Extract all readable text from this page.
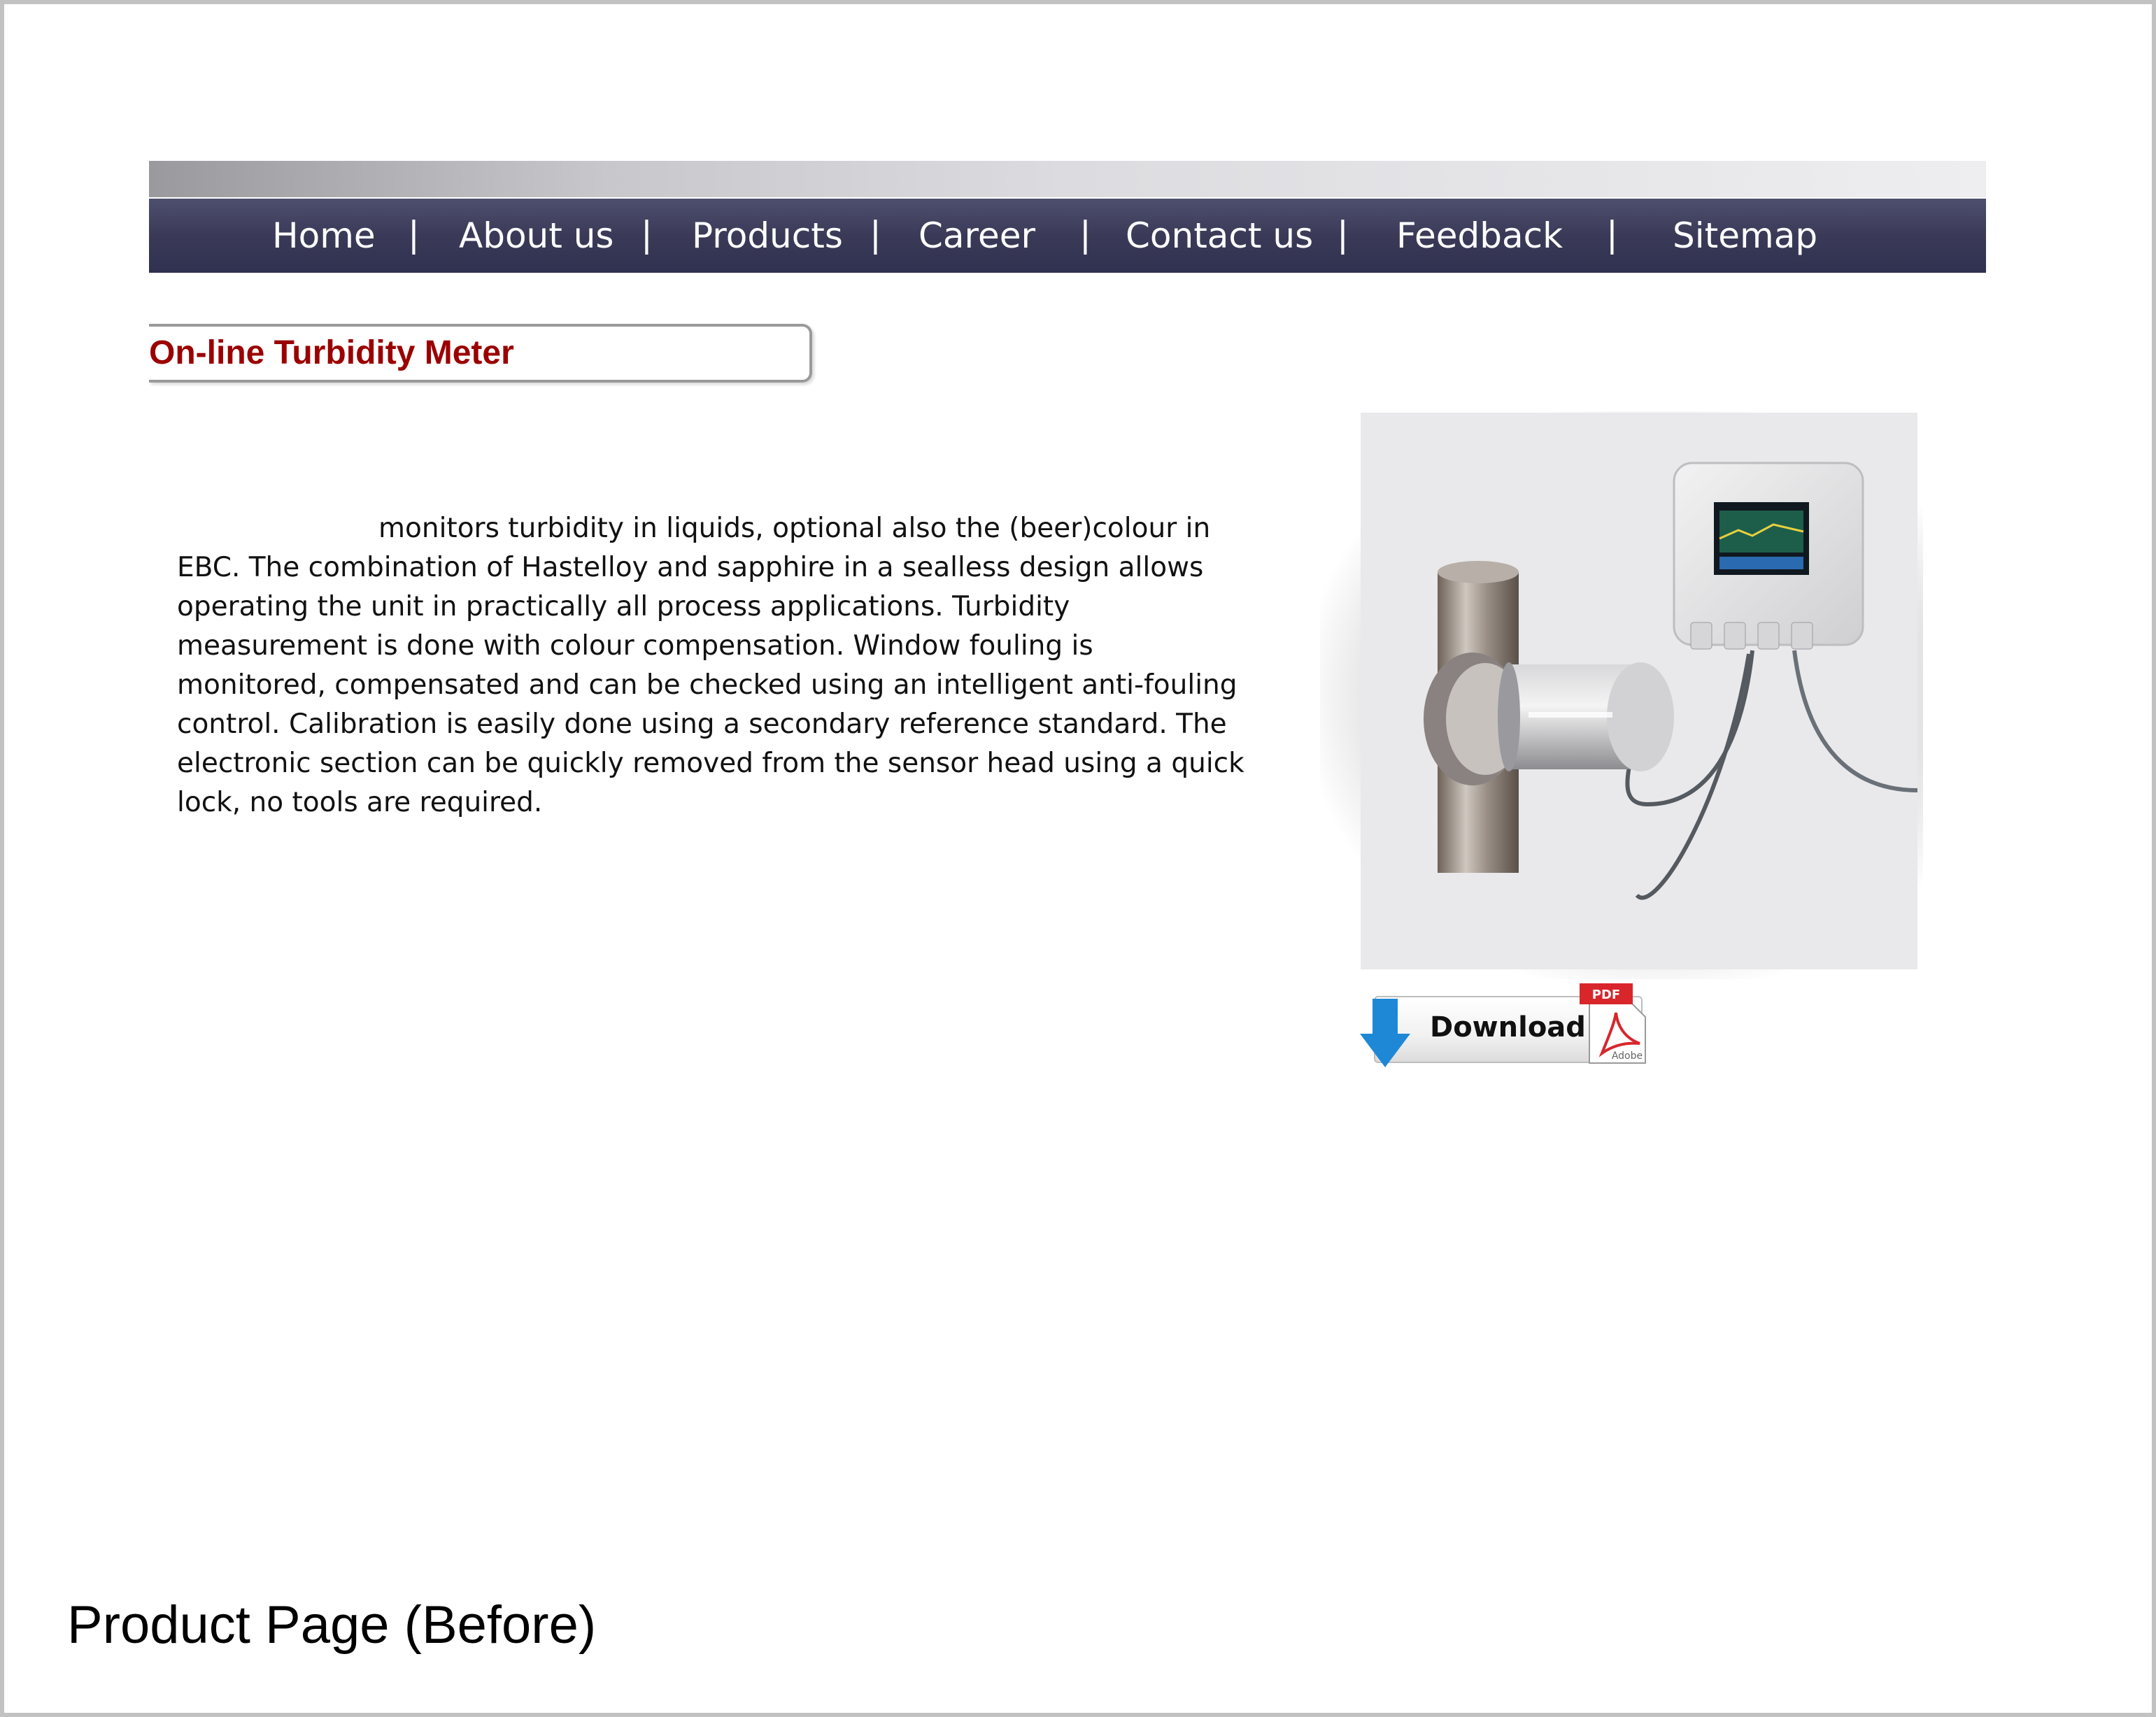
Home | About us | Products | Career | Contact us | Feedback | Sitemap
On-line Turbidity Meter
monitors turbidity in liquids, optional also the (beer)colour in
EBC. The combination of Hastelloy and sapphire in a sealless design allows
operating the unit in practically all process applications. Turbidity
measurement is done with colour compensation. Window fouling is
monitored, compensated and can be checked using an intelligent anti-fouling
control. Calibration is easily done using a secondary reference standard. The
electronic section can be quickly removed from the sensor head using a quick
lock, no tools are required.
Download
PDF
Adobe
Product Page (Before)
